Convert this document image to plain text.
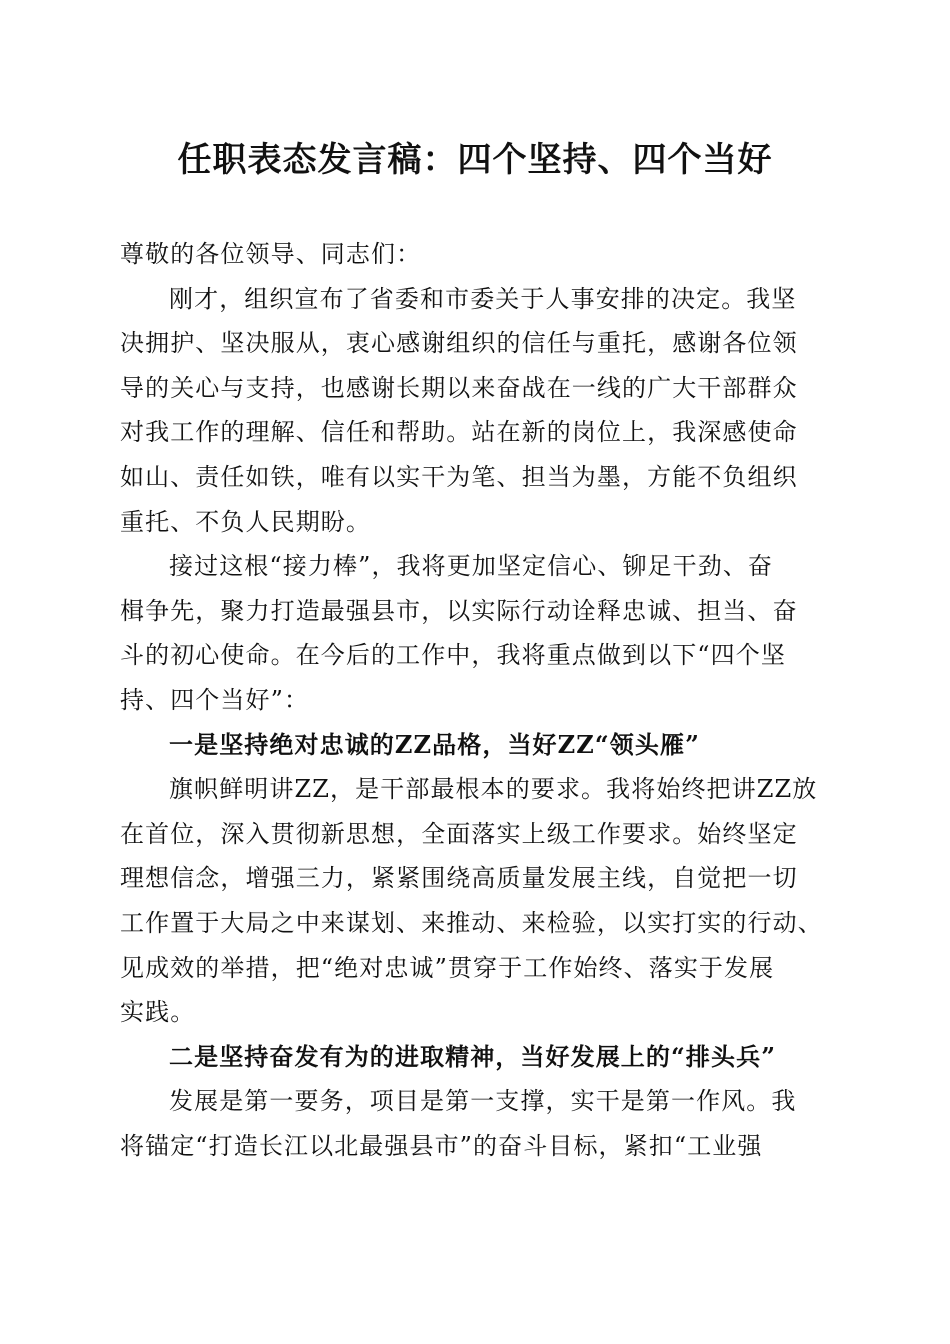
任职表态发言稿：四个坚持、四个当好
尊敬的各位领导、同志们：
刚才，组织宣布了省委和市委关于人事安排的决定。我坚
决拥护、坚决服从，衷心感谢组织的信任与重托，感谢各位领
导的关心与支持，也感谢长期以来奋战在一线的广大干部群众
对我工作的理解、信任和帮助。站在新的岗位上，我深感使命
如山、责任如铁，唯有以实干为笔、担当为墨，方能不负组织
重托、不负人民期盼。
接过这根“接力棒”，我将更加坚定信心、铆足干劲、奋
楫争先，聚力打造最强县市，以实际行动诠释忠诚、担当、奋
斗的初心使命。在今后的工作中，我将重点做到以下“四个坚
持、四个当好”：
一是坚持绝对忠诚的ZZ品格，当好ZZ“领头雁”
旗帜鲜明讲ZZ，是干部最根本的要求。我将始终把讲ZZ放
在首位，深入贯彻新思想，全面落实上级工作要求。始终坚定
理想信念，增强三力，紧紧围绕高质量发展主线，自觉把一切
工作置于大局之中来谋划、来推动、来检验，以实打实的行动、
见成效的举措，把“绝对忠诚”贯穿于工作始终、落实于发展
实践。
二是坚持奋发有为的进取精神，当好发展上的“排头兵”
发展是第一要务，项目是第一支撑，实干是第一作风。我
将锚定“打造长江以北最强县市”的奋斗目标，紧扣“工业强
